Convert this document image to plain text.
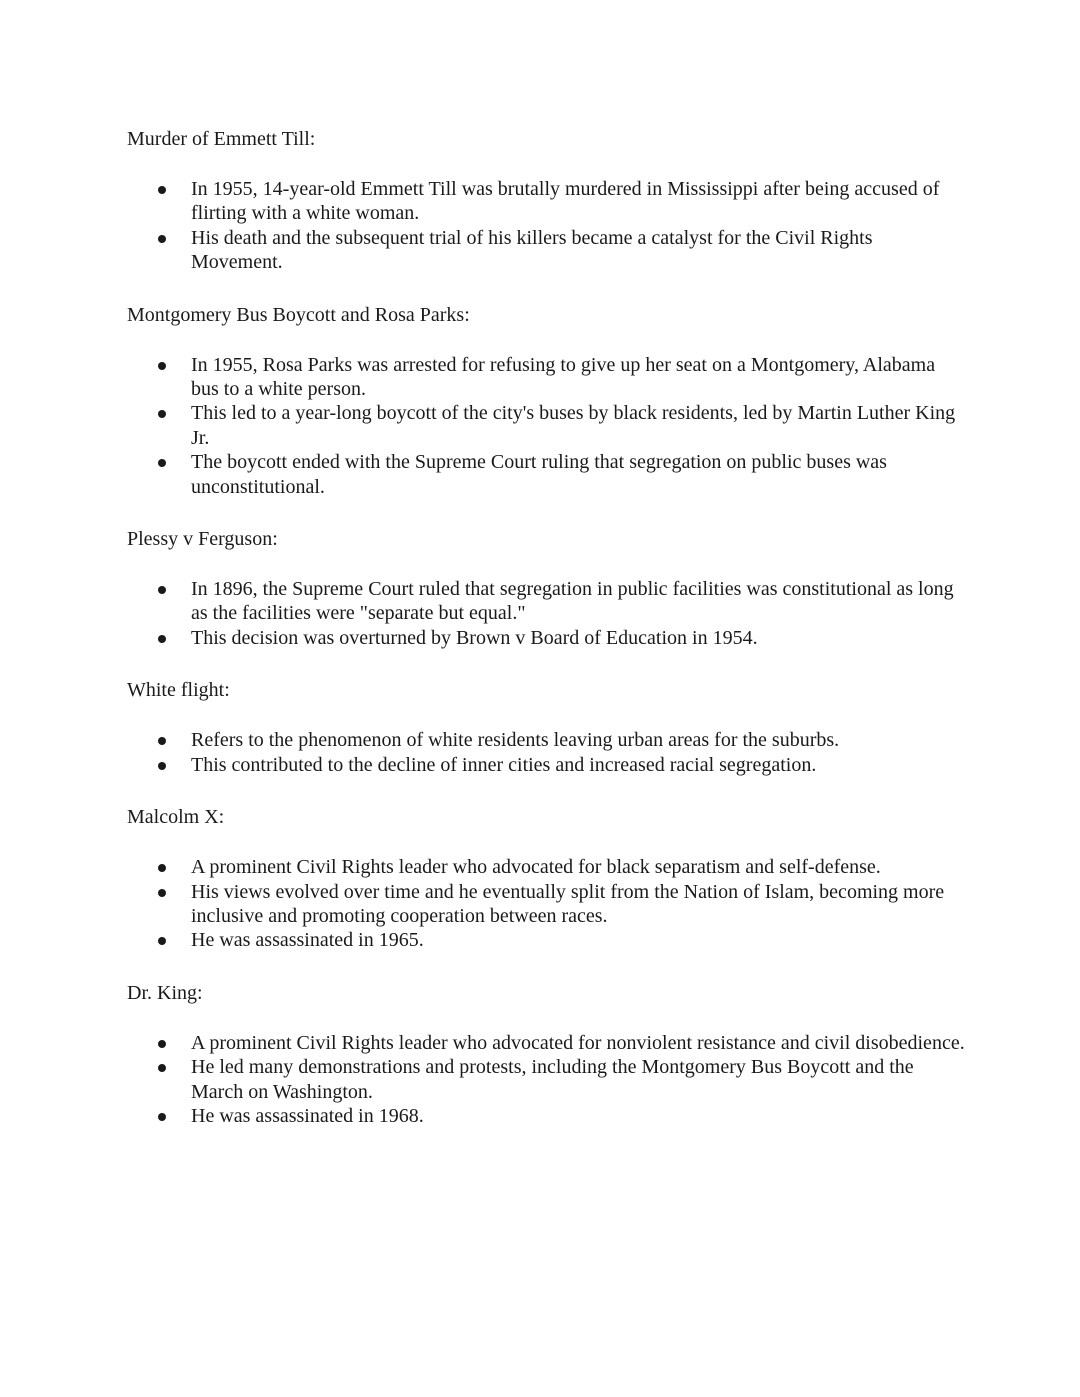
Murder of Emmett Till:
In 1955, 14-year-old Emmett Till was brutally murdered in Mississippi after being accused of flirting with a white woman.
His death and the subsequent trial of his killers became a catalyst for the Civil Rights Movement.
Montgomery Bus Boycott and Rosa Parks:
In 1955, Rosa Parks was arrested for refusing to give up her seat on a Montgomery, Alabama bus to a white person.
This led to a year-long boycott of the city's buses by black residents, led by Martin Luther King Jr.
The boycott ended with the Supreme Court ruling that segregation on public buses was unconstitutional.
Plessy v Ferguson:
In 1896, the Supreme Court ruled that segregation in public facilities was constitutional as long as the facilities were "separate but equal."
This decision was overturned by Brown v Board of Education in 1954.
White flight:
Refers to the phenomenon of white residents leaving urban areas for the suburbs.
This contributed to the decline of inner cities and increased racial segregation.
Malcolm X:
A prominent Civil Rights leader who advocated for black separatism and self-defense.
His views evolved over time and he eventually split from the Nation of Islam, becoming more inclusive and promoting cooperation between races.
He was assassinated in 1965.
Dr. King:
A prominent Civil Rights leader who advocated for nonviolent resistance and civil disobedience.
He led many demonstrations and protests, including the Montgomery Bus Boycott and the March on Washington.
He was assassinated in 1968.
